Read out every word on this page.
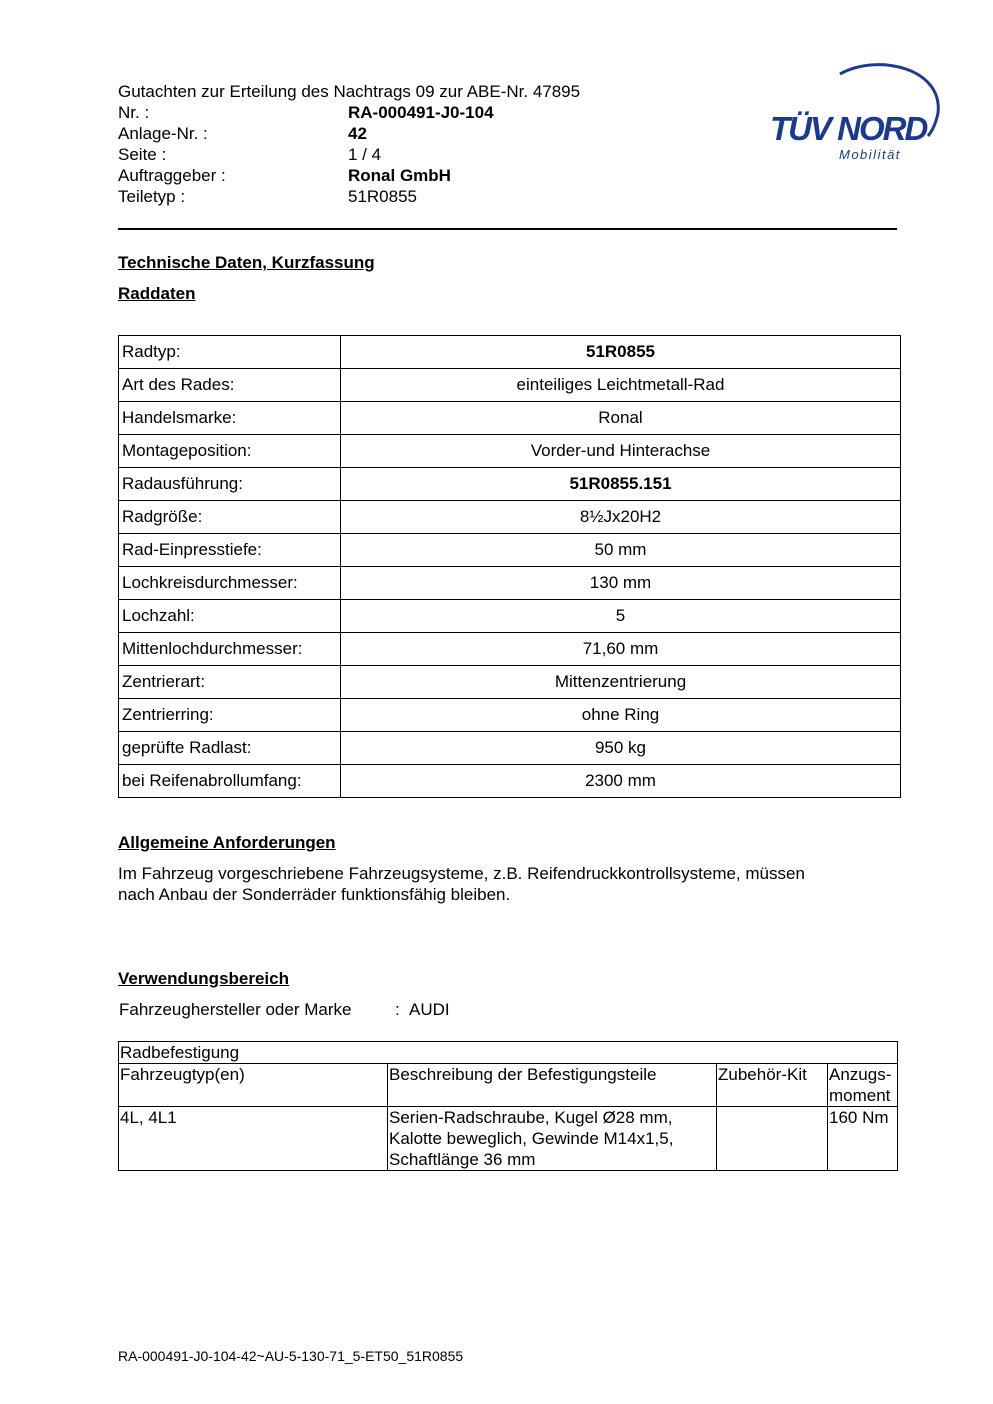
Gutachten zur Erteilung des Nachtrags 09 zur ABE-Nr. 47895
Nr. :	RA-000491-J0-104
Anlage-Nr. :	42
Seite :	1 / 4
Auftraggeber :	Ronal GmbH
Teiletyp :	51R0855
TÜV NORD
Mobilität
Technische Daten, Kurzfassung
Raddaten
Radtyp:	51R0855
Art des Rades:	einteiliges Leichtmetall-Rad
Handelsmarke:	Ronal
Montageposition:	Vorder-und Hinterachse
Radausführung:	51R0855.151
Radgröße:	8½Jx20H2
Rad-Einpresstiefe:	50 mm
Lochkreisdurchmesser:	130 mm
Lochzahl:	5
Mittenlochdurchmesser:	71,60 mm
Zentrierart:	Mittenzentrierung
Zentrierring:	ohne Ring
geprüfte Radlast:	950 kg
bei Reifenabrollumfang:	2300 mm
Allgemeine Anforderungen
Im Fahrzeug vorgeschriebene Fahrzeugsysteme, z.B. Reifendruckkontrollsysteme, müssen
nach Anbau der Sonderräder funktionsfähig bleiben.
Verwendungsbereich
Fahrzeughersteller oder Marke	: AUDI
Radbefestigung			
Fahrzeugtyp(en)	Beschreibung der Befestigungsteile	Zubehör-Kit	Anzugs-
moment

4L, 4L1	Serien-Radschraube, Kugel Ø28 mm,
Kalotte beweglich, Gewinde M14x1,5,
Schaftlänge 36 mm		160 Nm
RA-000491-J0-104-42~AU-5-130-71_5-ET50_51R0855
